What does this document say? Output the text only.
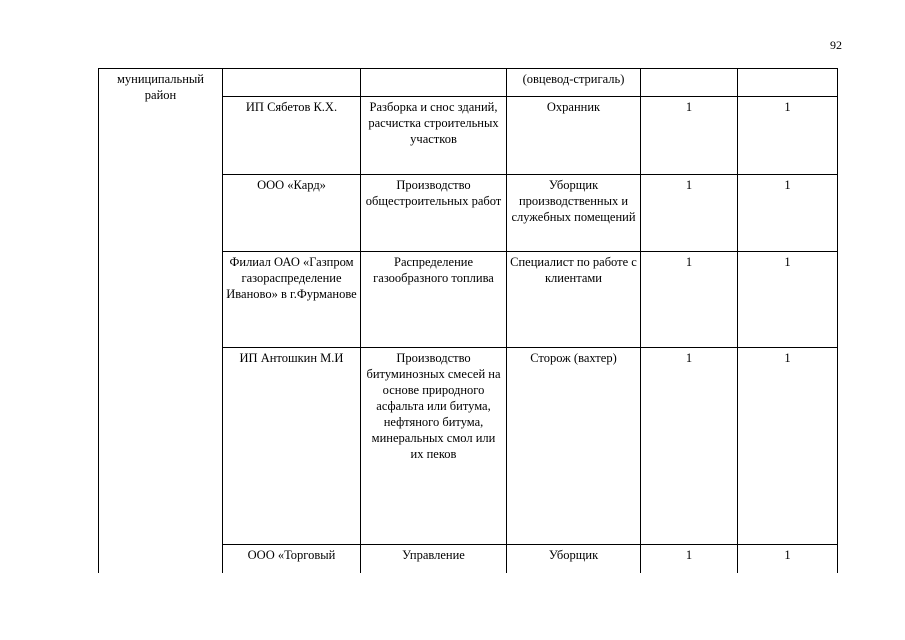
92
муниципальный район			(овцевод-стригаль)		
	ИП Сябетов К.Х.	Разборка и снос зданий, расчистка строительных участков	Охранник	1	1
	ООО «Кард»	Производство общестроительных работ	Уборщик производственных и служебных помещений	1	1
	Филиал ОАО «Газпром газораспределение Иваново» в г.Фурманове	Распределение газообразного топлива	Специалист по работе с клиентами	1	1
	ИП Антошкин М.И	Производство битуминозных смесей на основе природного асфальта или битума, нефтяного битума, минеральных смол или их пеков	Сторож (вахтер)	1	1
	ООО «Торговый	Управление	Уборщик	1	1
